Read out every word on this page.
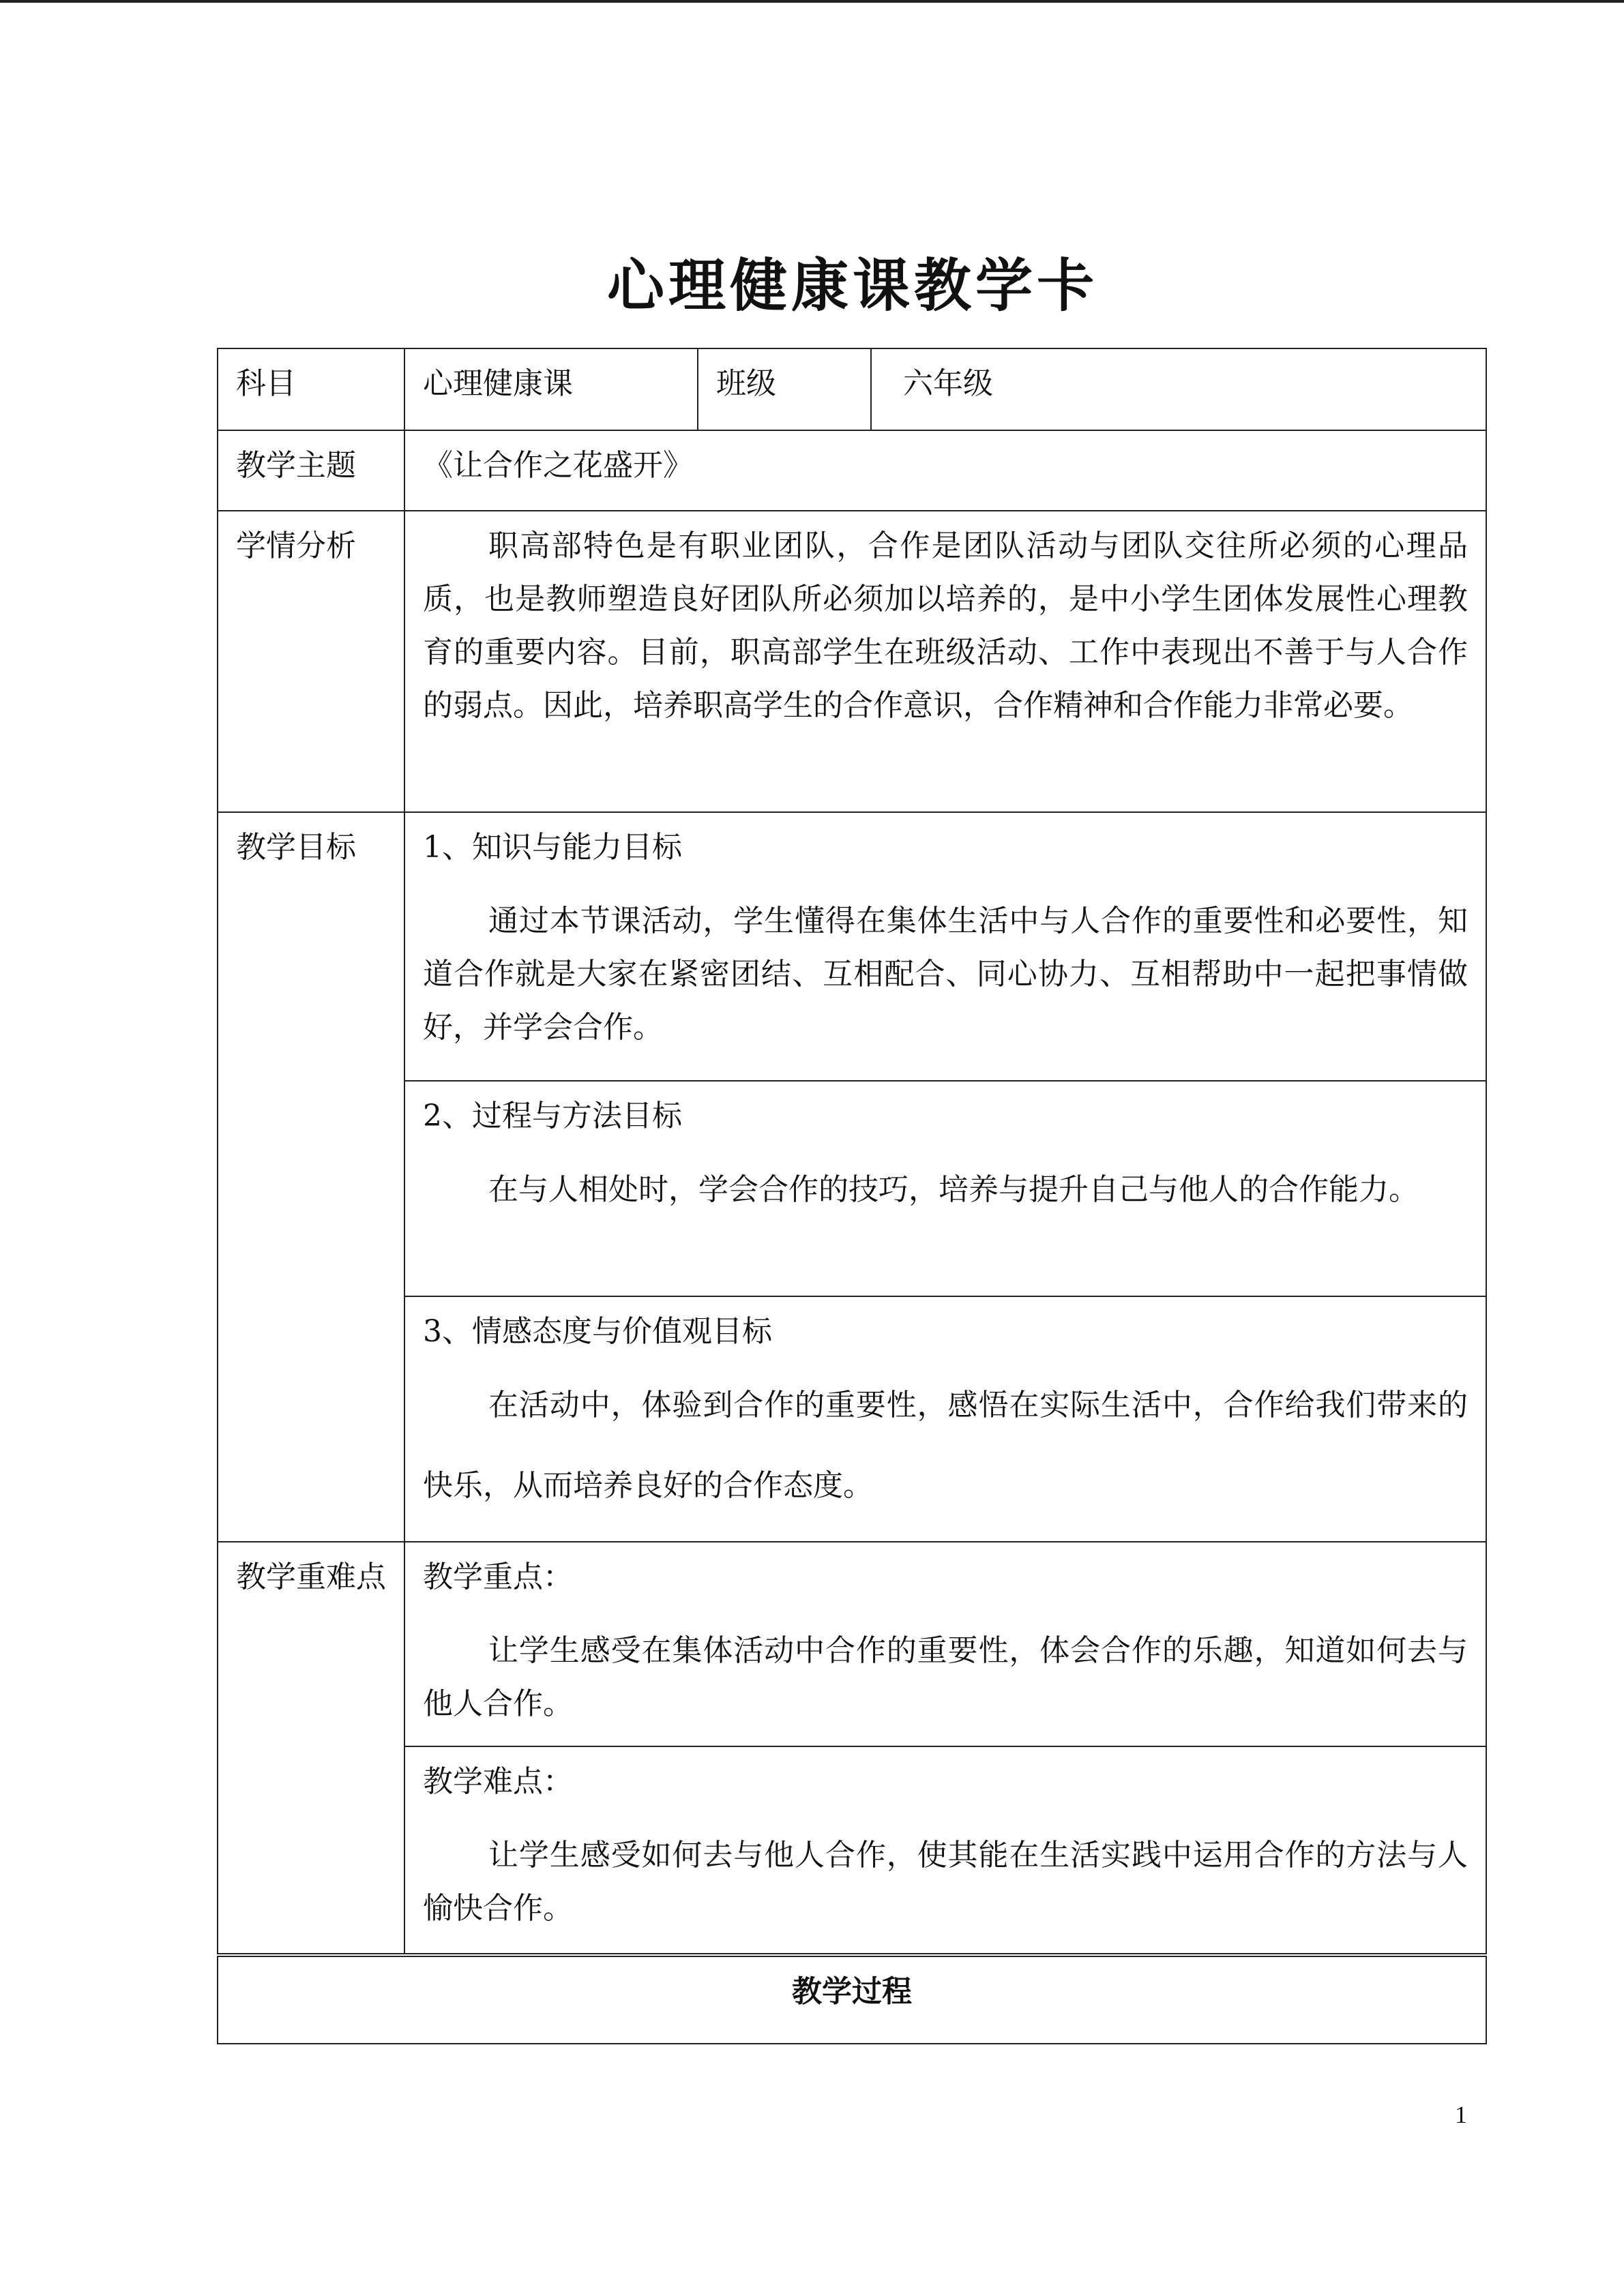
心理健康课教学卡
科目	心理健康课	班级	六年级
教学主题	《让合作之花盛开》		
学情分析	职高部特色是有职业团队，合作是团队活动与团队交往所必须的心理品质，也是教师塑造良好团队所必须加以培养的，是中小学生团体发展性心理教育的重要内容。目前，职高部学生在班级活动、工作中表现出不善于与人合作的弱点。因此，培养职高学生的合作意识，合作精神和合作能力非常必要。		

教学目标	1、知识与能力目标

通过本节课活动，学生懂得在集体生活中与人合作的重要性和必要性，知道合作就是大家在紧密团结、互相配合、同心协力、互相帮助中一起把事情做好，并学会合作。		

	2、过程与方法目标

在与人相处时，学会合作的技巧，培养与提升自己与他人的合作能力。		

	3、情感态度与价值观目标

在活动中，体验到合作的重要性，感悟在实际生活中，合作给我们带来的快乐，从而培养良好的合作态度。		

教学重难点	教学重点：

让学生感受在集体活动中合作的重要性，体会合作的乐趣，知道如何去与他人合作。		

	教学难点：

让学生感受如何去与他人合作，使其能在生活实践中运用合作的方法与人愉快合作。		

教学过程			
1
